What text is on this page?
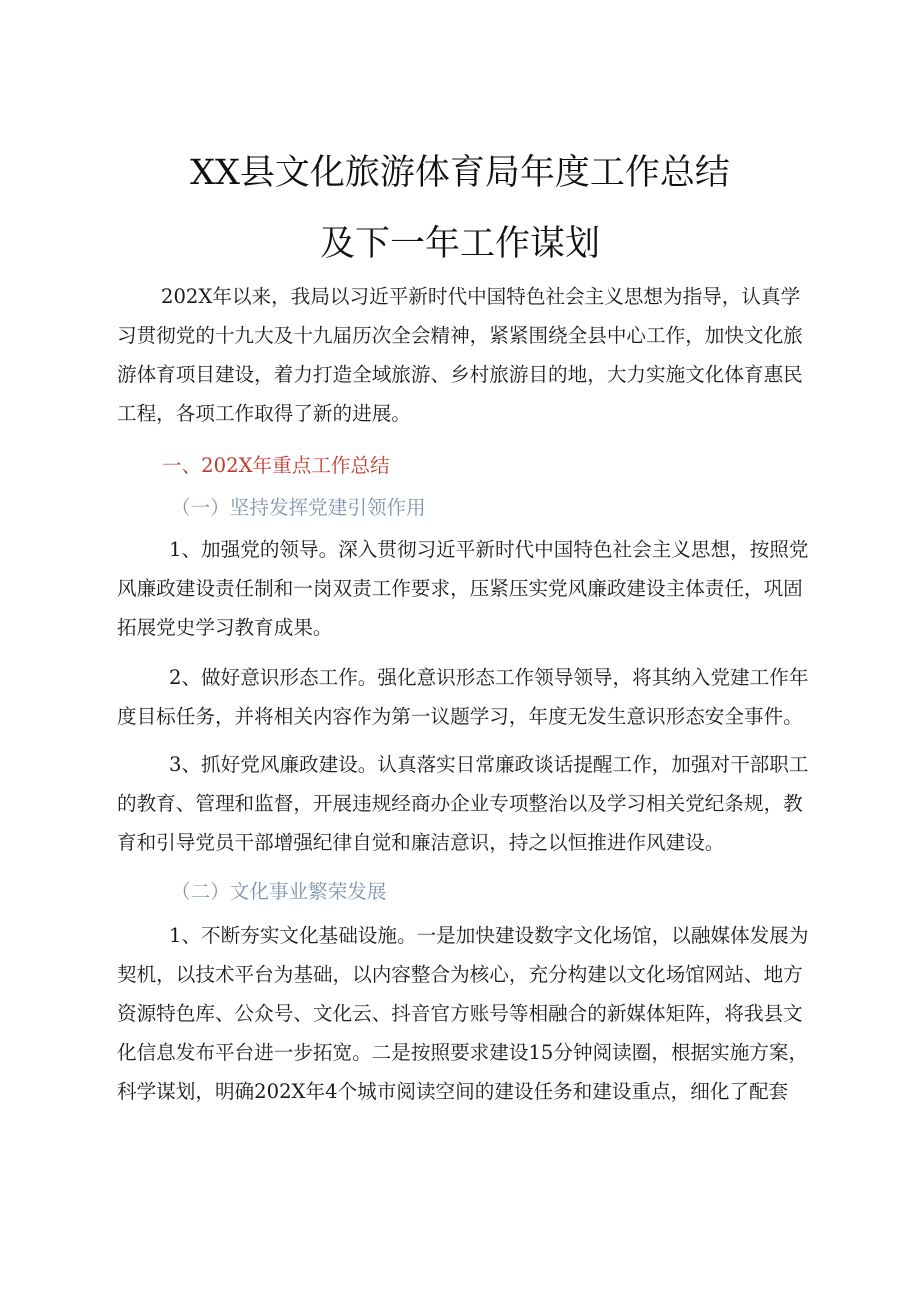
XX县文化旅游体育局年度工作总结
及下一年工作谋划
202X年以来，我局以习近平新时代中国特色社会主义思想为指导，认真学
习贯彻党的十九大及十九届历次全会精神，紧紧围绕全县中心工作，加快文化旅
游体育项目建设，着力打造全域旅游、乡村旅游目的地，大力实施文化体育惠民
工程，各项工作取得了新的进展。
一、202X年重点工作总结
（一）坚持发挥党建引领作用
1、加强党的领导。深入贯彻习近平新时代中国特色社会主义思想，按照党
风廉政建设责任制和一岗双责工作要求，压紧压实党风廉政建设主体责任，巩固
拓展党史学习教育成果。
2、做好意识形态工作。强化意识形态工作领导领导，将其纳入党建工作年
度目标任务，并将相关内容作为第一议题学习，年度无发生意识形态安全事件。
3、抓好党风廉政建设。认真落实日常廉政谈话提醒工作，加强对干部职工
的教育、管理和监督，开展违规经商办企业专项整治以及学习相关党纪条规，教
育和引导党员干部增强纪律自觉和廉洁意识，持之以恒推进作风建设。
（二）文化事业繁荣发展
1、不断夯实文化基础设施。一是加快建设数字文化场馆，以融媒体发展为
契机，以技术平台为基础，以内容整合为核心，充分构建以文化场馆网站、地方
资源特色库、公众号、文化云、抖音官方账号等相融合的新媒体矩阵，将我县文
化信息发布平台进一步拓宽。二是按照要求建设15分钟阅读圈，根据实施方案，
科学谋划，明确202X年4个城市阅读空间的建设任务和建设重点，细化了配套
